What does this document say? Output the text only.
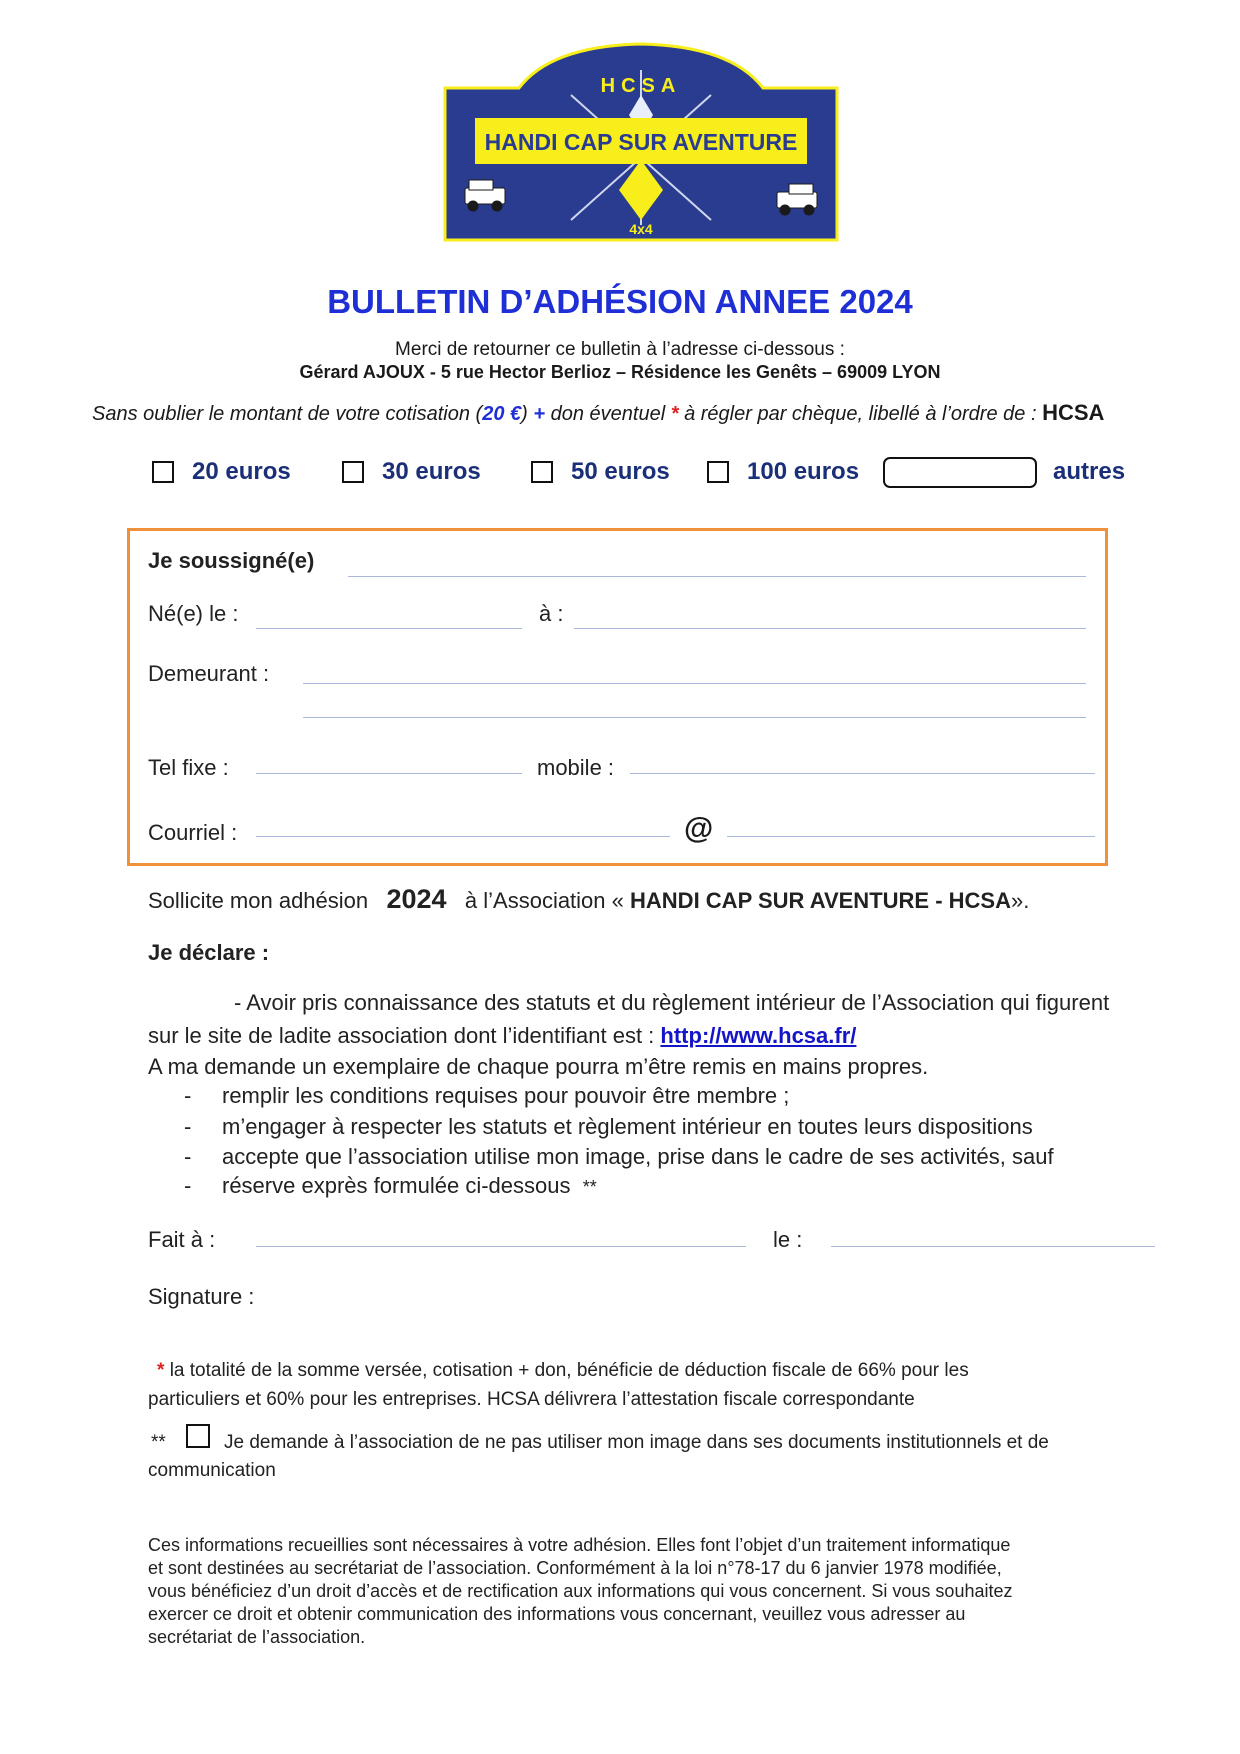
HANDI CAP SUR AVENTURE
HCSA
4x4
BULLETIN D’ADHÉSION ANNEE 2024
Merci de retourner ce bulletin à l’adresse ci-dessous :
Gérard AJOUX - 5 rue Hector Berlioz – Résidence les Genêts – 69009 LYON
Sans oublier le montant de votre cotisation (20 €) + don éventuel * à régler par chèque, libellé à l’ordre de : HCSA
20 euros	30 euros	50 euros	100 euros	autres
Je soussigné(e)
Né(e) le :	à :
Demeurant :
Tel fixe :	mobile :
Courriel :	@
Sollicite mon adhésion 2024 à l’Association « HANDI CAP SUR AVENTURE - HCSA».
Je déclare :
- Avoir pris connaissance des statuts et du règlement intérieur de l’Association qui figurent
sur le site de ladite association dont l’identifiant est : http://www.hcsa.fr/
A ma demande un exemplaire de chaque pourra m’être remis en mains propres.
- remplir les conditions requises pour pouvoir être membre ;
- m’engager à respecter les statuts et règlement intérieur en toutes leurs dispositions
- accepte que l’association utilise mon image, prise dans le cadre de ses activités, sauf
- réserve exprès formulée ci-dessous **
Fait à :	le :
Signature :
* la totalité de la somme versée, cotisation + don, bénéficie de déduction fiscale de 66% pour les
particuliers et 60% pour les entreprises. HCSA délivrera l’attestation fiscale correspondante
**	Je demande à l’association de ne pas utiliser mon image dans ses documents institutionnels et de
communication
Ces informations recueillies sont nécessaires à votre adhésion. Elles font l’objet d’un traitement informatique
et sont destinées au secrétariat de l’association. Conformément à la loi n°78-17 du 6 janvier 1978 modifiée,
vous bénéficiez d’un droit d’accès et de rectification aux informations qui vous concernent. Si vous souhaitez
exercer ce droit et obtenir communication des informations vous concernant, veuillez vous adresser au
secrétariat de l’association.
